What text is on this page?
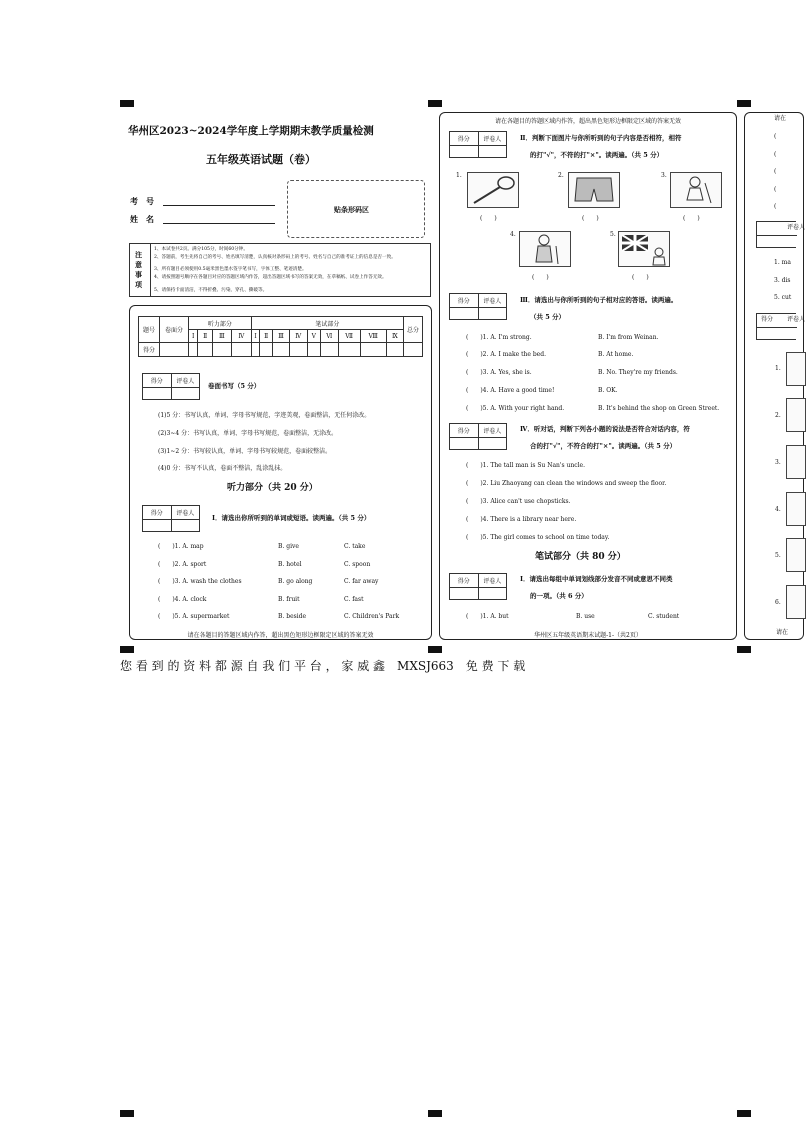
华州区2023~2024学年度上学期期末教学质量检测
五年级英语试题（卷）
考　号
姓　名
贴条形码区
注意事项
1、本试卷共2页。满分105分，时间60分钟。
2、答题前，考生先将自己的考号、姓名填写清楚，认真核对条形码上的考号、姓名与自己的准考证上的信息是否一致。
3、所有题目必须使用0.5毫米黑色墨水签字笔书写，字体工整、笔迹清楚。
4、请按照题号顺序在各题目对应的答题区域内作答，超出答题区域书写的答案无效，在草稿纸、试卷上作答无效。
5、请保持卡面清洁，不得折叠、污染、穿孔、撕破等。
题号	卷面分	听力部分				笔试部分									总分
		Ⅰ	Ⅱ	Ⅲ	Ⅳ	Ⅰ	Ⅱ	Ⅲ	Ⅳ	Ⅴ	Ⅵ	Ⅶ	Ⅷ	Ⅸ	
得分															
得分	评卷人
卷面书写（5 分）
(1)5 分：书写认真，单词、字母书写规范，字迹美观，卷面整洁，无任何涂改。
(2)3~4 分：书写认真，单词、字母书写规范，卷面整洁，无涂改。
(3)1~2 分：书写较认真，单词、字母书写较规范，卷面较整洁。
(4)0 分：书写不认真，卷面不整洁，乱涂乱抹。
听力部分（共 20 分）
得分	评卷人
Ⅰ．请选出你所听到的单词或短语。读两遍。（共 5 分）
(　　)1. A. map	B. give	C. take
(　　)2. A. sport	B. hotel	C. spoon
(　　)3. A. wash the clothes	B. go along	C. far away
(　　)4. A. clock	B. fruit	C. fast
(　　)5. A. supermarket	B. beside	C. Children's Park
请在各题目的答题区域内作答，超出黑色矩形边框限定区域的答案无效
请在各题目的答题区域内作答，超出黑色矩形边框限定区域的答案无效
得分	评卷人	Ⅱ．判断下面图片与你所听到的句子内容是否相符，相符
的打"√"，不符的打"×"。读两遍。（共 5 分）
1.
(　　)
2.
(　　)
3.
(　　)
4.
(　　)
5.
(　　)
得分	评卷人	Ⅲ．请选出与你所听到的句子相对应的答语。读两遍。
（共 5 分）
(　　)1. A. I'm strong.	B. I'm from Weinan.
(　　)2. A. I make the bed.	B. At home.
(　　)3. A. Yes, she is.	B. No. They're my friends.
(　　)4. A. Have a good time!	B. OK.
(　　)5. A. With your right hand.	B. It's behind the shop on Green Street.
得分	评卷人	Ⅳ．听对话，判断下列各小题的说法是否符合对话内容，符
合的打"√"，不符合的打"×"。读两遍。（共 5 分）
(　　)1. The tall man is Su Nan's uncle.
(　　)2. Liu Zhaoyang can clean the windows and sweep the floor.
(　　)3. Alice can't use chopsticks.
(　　)4. There is a library near here.
(　　)5. The girl comes to school on time today.
笔试部分（共 80 分）
得分	评卷人	Ⅰ．请选出每组中单词划线部分发音不同或意思不同类
的一项。（共 6 分）
(　　)1. A. but	B. use	C. student
华州区五年级英语期末试题-1-（共2页）
请在
(
(
(
(
(
评卷人
1. ma
3. dis
5. cut
得分 评卷人
1.
2.
3.
4.
5.
6.
请在
您 看 到 的 资 料 都 源 自 我 们 平 台 ， 家 威 鑫　MXSJ663　免 费 下 载
